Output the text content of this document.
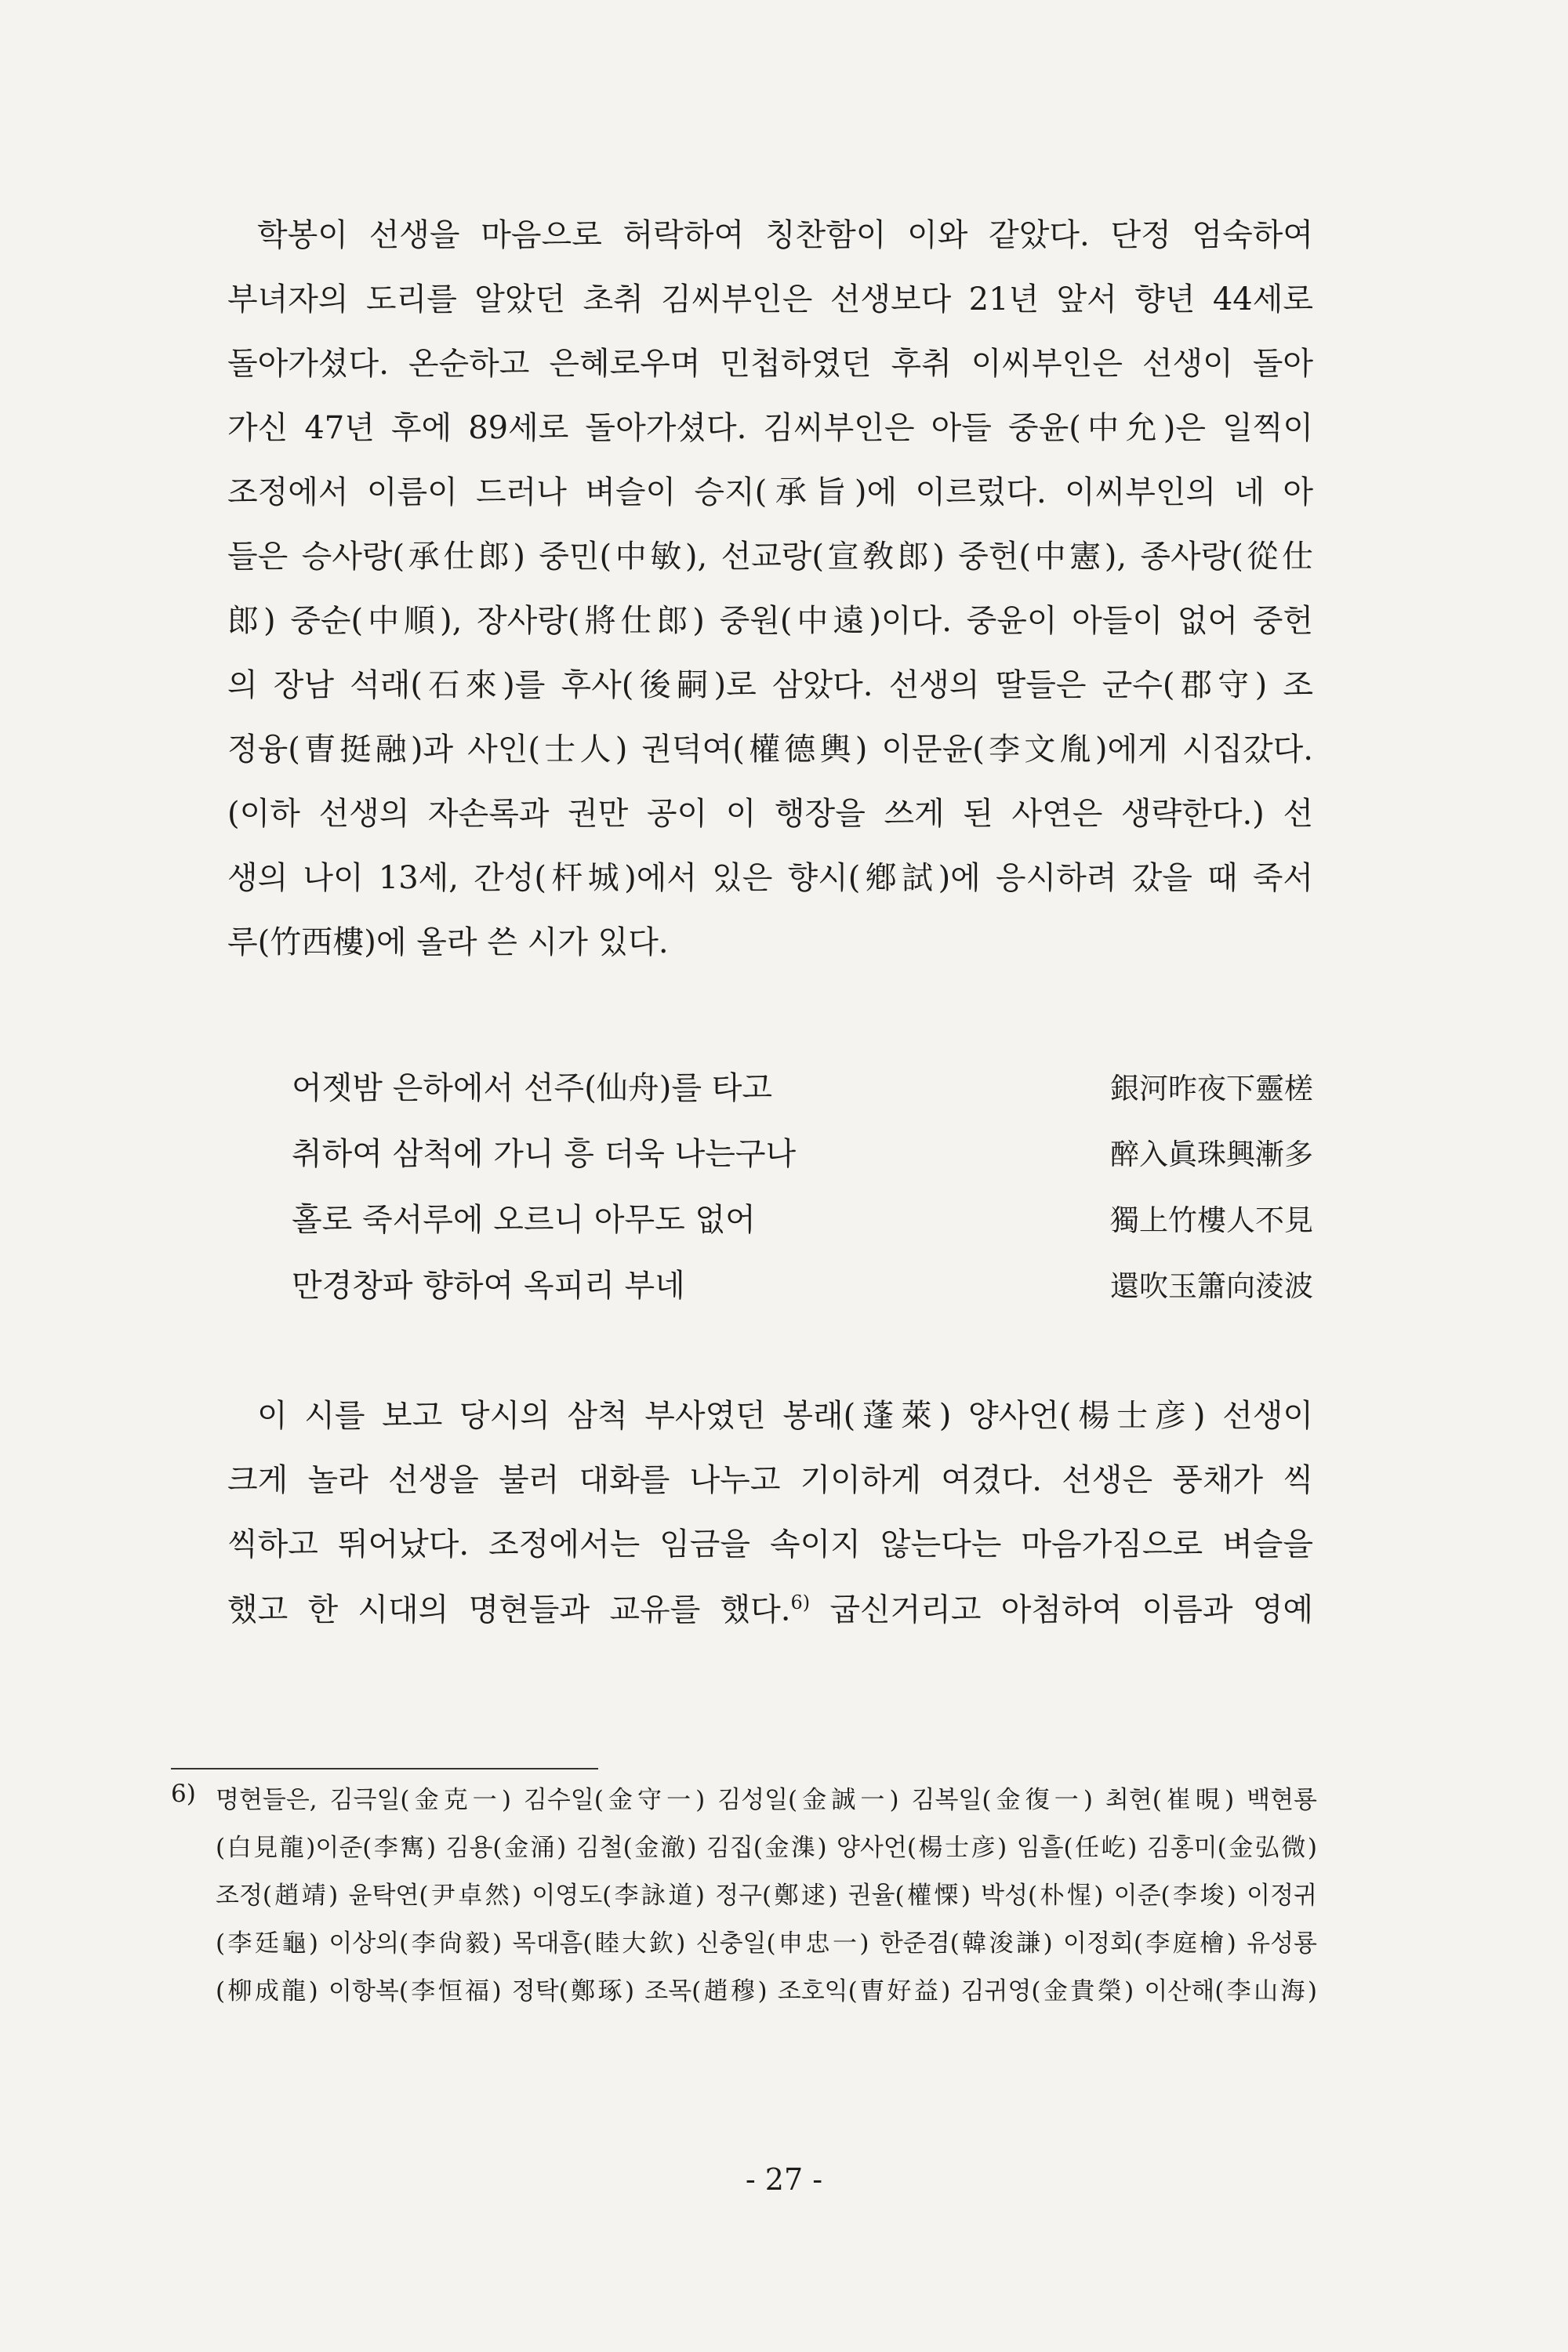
학봉이 선생을 마음으로 허락하여 칭찬함이 이와 같았다. 단정 엄숙하여
부녀자의 도리를 알았던 초취 김씨부인은 선생보다 21년 앞서 향년 44세로
돌아가셨다. 온순하고 은혜로우며 민첩하였던 후취 이씨부인은 선생이 돌아
가신 47년 후에 89세로 돌아가셨다. 김씨부인은 아들 중윤(中允)은 일찍이
조정에서 이름이 드러나 벼슬이 승지(承旨)에 이르렀다. 이씨부인의 네 아
들은 승사랑(承仕郎) 중민(中敏), 선교랑(宣敎郎) 중헌(中憲), 종사랑(從仕
郎) 중순(中順), 장사랑(將仕郎) 중원(中遠)이다. 중윤이 아들이 없어 중헌
의 장남 석래(石來)를 후사(後嗣)로 삼았다. 선생의 딸들은 군수(郡守) 조
정융(曺挺融)과 사인(士人) 권덕여(權德輿) 이문윤(李文胤)에게 시집갔다.
(이하 선생의 자손록과 권만 공이 이 행장을 쓰게 된 사연은 생략한다.) 선
생의 나이 13세, 간성(杆城)에서 있은 향시(鄕試)에 응시하려 갔을 때 죽서
루(竹西樓)에 올라 쓴 시가 있다.
어젯밤 은하에서 선주(仙舟)를 타고	銀河昨夜下靈槎
취하여 삼척에 가니 흥 더욱 나는구나	醉入眞珠興漸多
홀로 죽서루에 오르니 아무도 없어	獨上竹樓人不見
만경창파 향하여 옥피리 부네	還吹玉簫向淩波
이 시를 보고 당시의 삼척 부사였던 봉래(蓬萊) 양사언(楊士彦) 선생이
크게 놀라 선생을 불러 대화를 나누고 기이하게 여겼다. 선생은 풍채가 씩
씩하고 뛰어났다. 조정에서는 임금을 속이지 않는다는 마음가짐으로 벼슬을
했고 한 시대의 명현들과 교유를 했다.$^{6)}$ 굽신거리고 아첨하여 이름과 영예
6) 명현들은, 김극일(金克一) 김수일(金守一) 김성일(金誠一) 김복일(金復一) 최현(崔晛) 백현룡
(白見龍)이준(李寯) 김용(金涌) 김철(金澈) 김집(金潗) 양사언(楊士彦) 임흘(任屹) 김홍미(金弘微)
조정(趙靖) 윤탁연(尹卓然) 이영도(李詠道) 정구(鄭逑) 권율(權慄) 박성(朴惺) 이준(李埈) 이정귀
(李廷龜) 이상의(李尙毅) 목대흠(睦大欽) 신충일(申忠一) 한준겸(韓浚謙) 이정회(李庭檜) 유성룡
(柳成龍) 이항복(李恒福) 정탁(鄭琢) 조목(趙穆) 조호익(曺好益) 김귀영(金貴榮) 이산해(李山海)
- 27 -
